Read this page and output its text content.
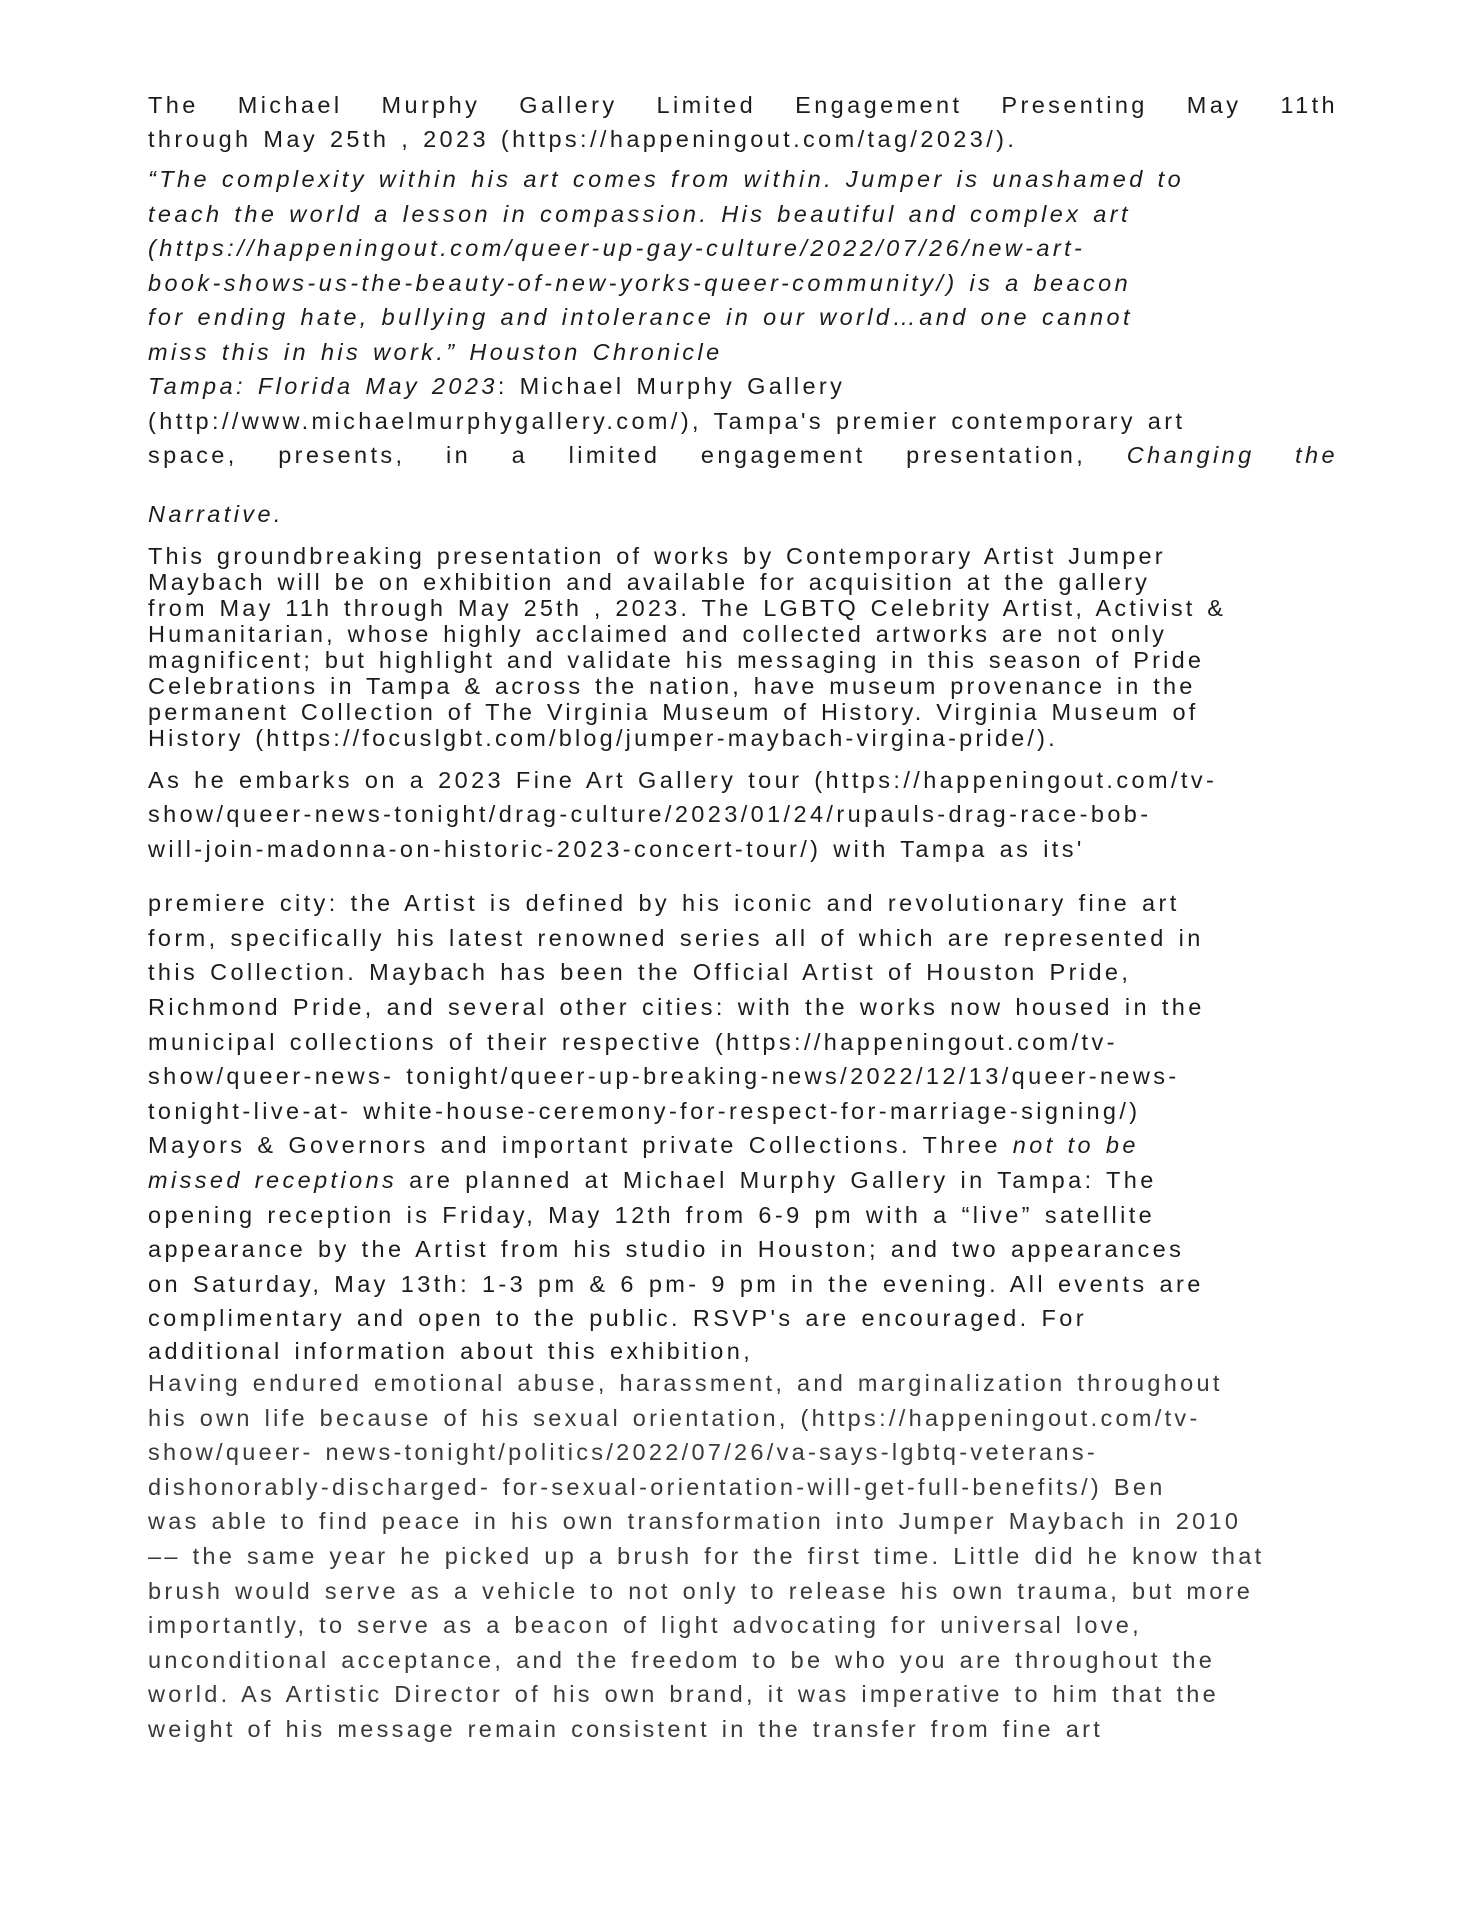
The Michael Murphy Gallery Limited Engagement Presenting May 11th
through May 25th , 2023 (https://happeningout.com/tag/2023/).
“The complexity within his art comes from within. Jumper is unashamed to
teach the world a lesson in compassion. His beautiful and complex art
(https://happeningout.com/queer-up-gay-culture/2022/07/26/new-art-
book-shows-us-the-beauty-of-new-yorks-queer-community/) is a beacon
for ending hate, bullying and intolerance in our world…and one cannot
miss this in his work.” Houston Chronicle
Tampa: Florida May 2023: Michael Murphy Gallery
(http://www.michaelmurphygallery.com/), Tampa's premier contemporary art
space, presents, in a limited engagement presentation, Changing the
Narrative.
This groundbreaking presentation of works by Contemporary Artist Jumper
Maybach will be on exhibition and available for acquisition at the gallery
from May 11h through May 25th , 2023. The LGBTQ Celebrity Artist, Activist &
Humanitarian, whose highly acclaimed and collected artworks are not only
magnificent; but highlight and validate his messaging in this season of Pride
Celebrations in Tampa & across the nation, have museum provenance in the
permanent Collection of The Virginia Museum of History. Virginia Museum of
History (https://focuslgbt.com/blog/jumper-maybach-virgina-pride/).
As he embarks on a 2023 Fine Art Gallery tour (https://happeningout.com/tv-
show/queer-news-tonight/drag-culture/2023/01/24/rupauls-drag-race-bob-
will-join-madonna-on-historic-2023-concert-tour/) with Tampa as its'
premiere city: the Artist is defined by his iconic and revolutionary fine art
form, specifically his latest renowned series all of which are represented in
this Collection. Maybach has been the Official Artist of Houston Pride,
Richmond Pride, and several other cities: with the works now housed in the
municipal collections of their respective (https://happeningout.com/tv-
show/queer-news- tonight/queer-up-breaking-news/2022/12/13/queer-news-
tonight-live-at- white-house-ceremony-for-respect-for-marriage-signing/)
Mayors & Governors and important private Collections. Three not to be
missed receptions are planned at Michael Murphy Gallery in Tampa: The
opening reception is Friday, May 12th from 6-9 pm with a “live” satellite
appearance by the Artist from his studio in Houston; and two appearances
on Saturday, May 13th: 1-3 pm & 6 pm- 9 pm in the evening. All events are
complimentary and open to the public. RSVP's are encouraged. For
additional information about this exhibition,
Having endured emotional abuse, harassment, and marginalization throughout
his own life because of his sexual orientation, (https://happeningout.com/tv-
show/queer- news-tonight/politics/2022/07/26/va-says-lgbtq-veterans-
dishonorably-discharged- for-sexual-orientation-will-get-full-benefits/) Ben
was able to find peace in his own transformation into Jumper Maybach in 2010
–– the same year he picked up a brush for the first time. Little did he know that
brush would serve as a vehicle to not only to release his own trauma, but more
importantly, to serve as a beacon of light advocating for universal love,
unconditional acceptance, and the freedom to be who you are throughout the
world. As Artistic Director of his own brand, it was imperative to him that the
weight of his message remain consistent in the transfer from fine art
